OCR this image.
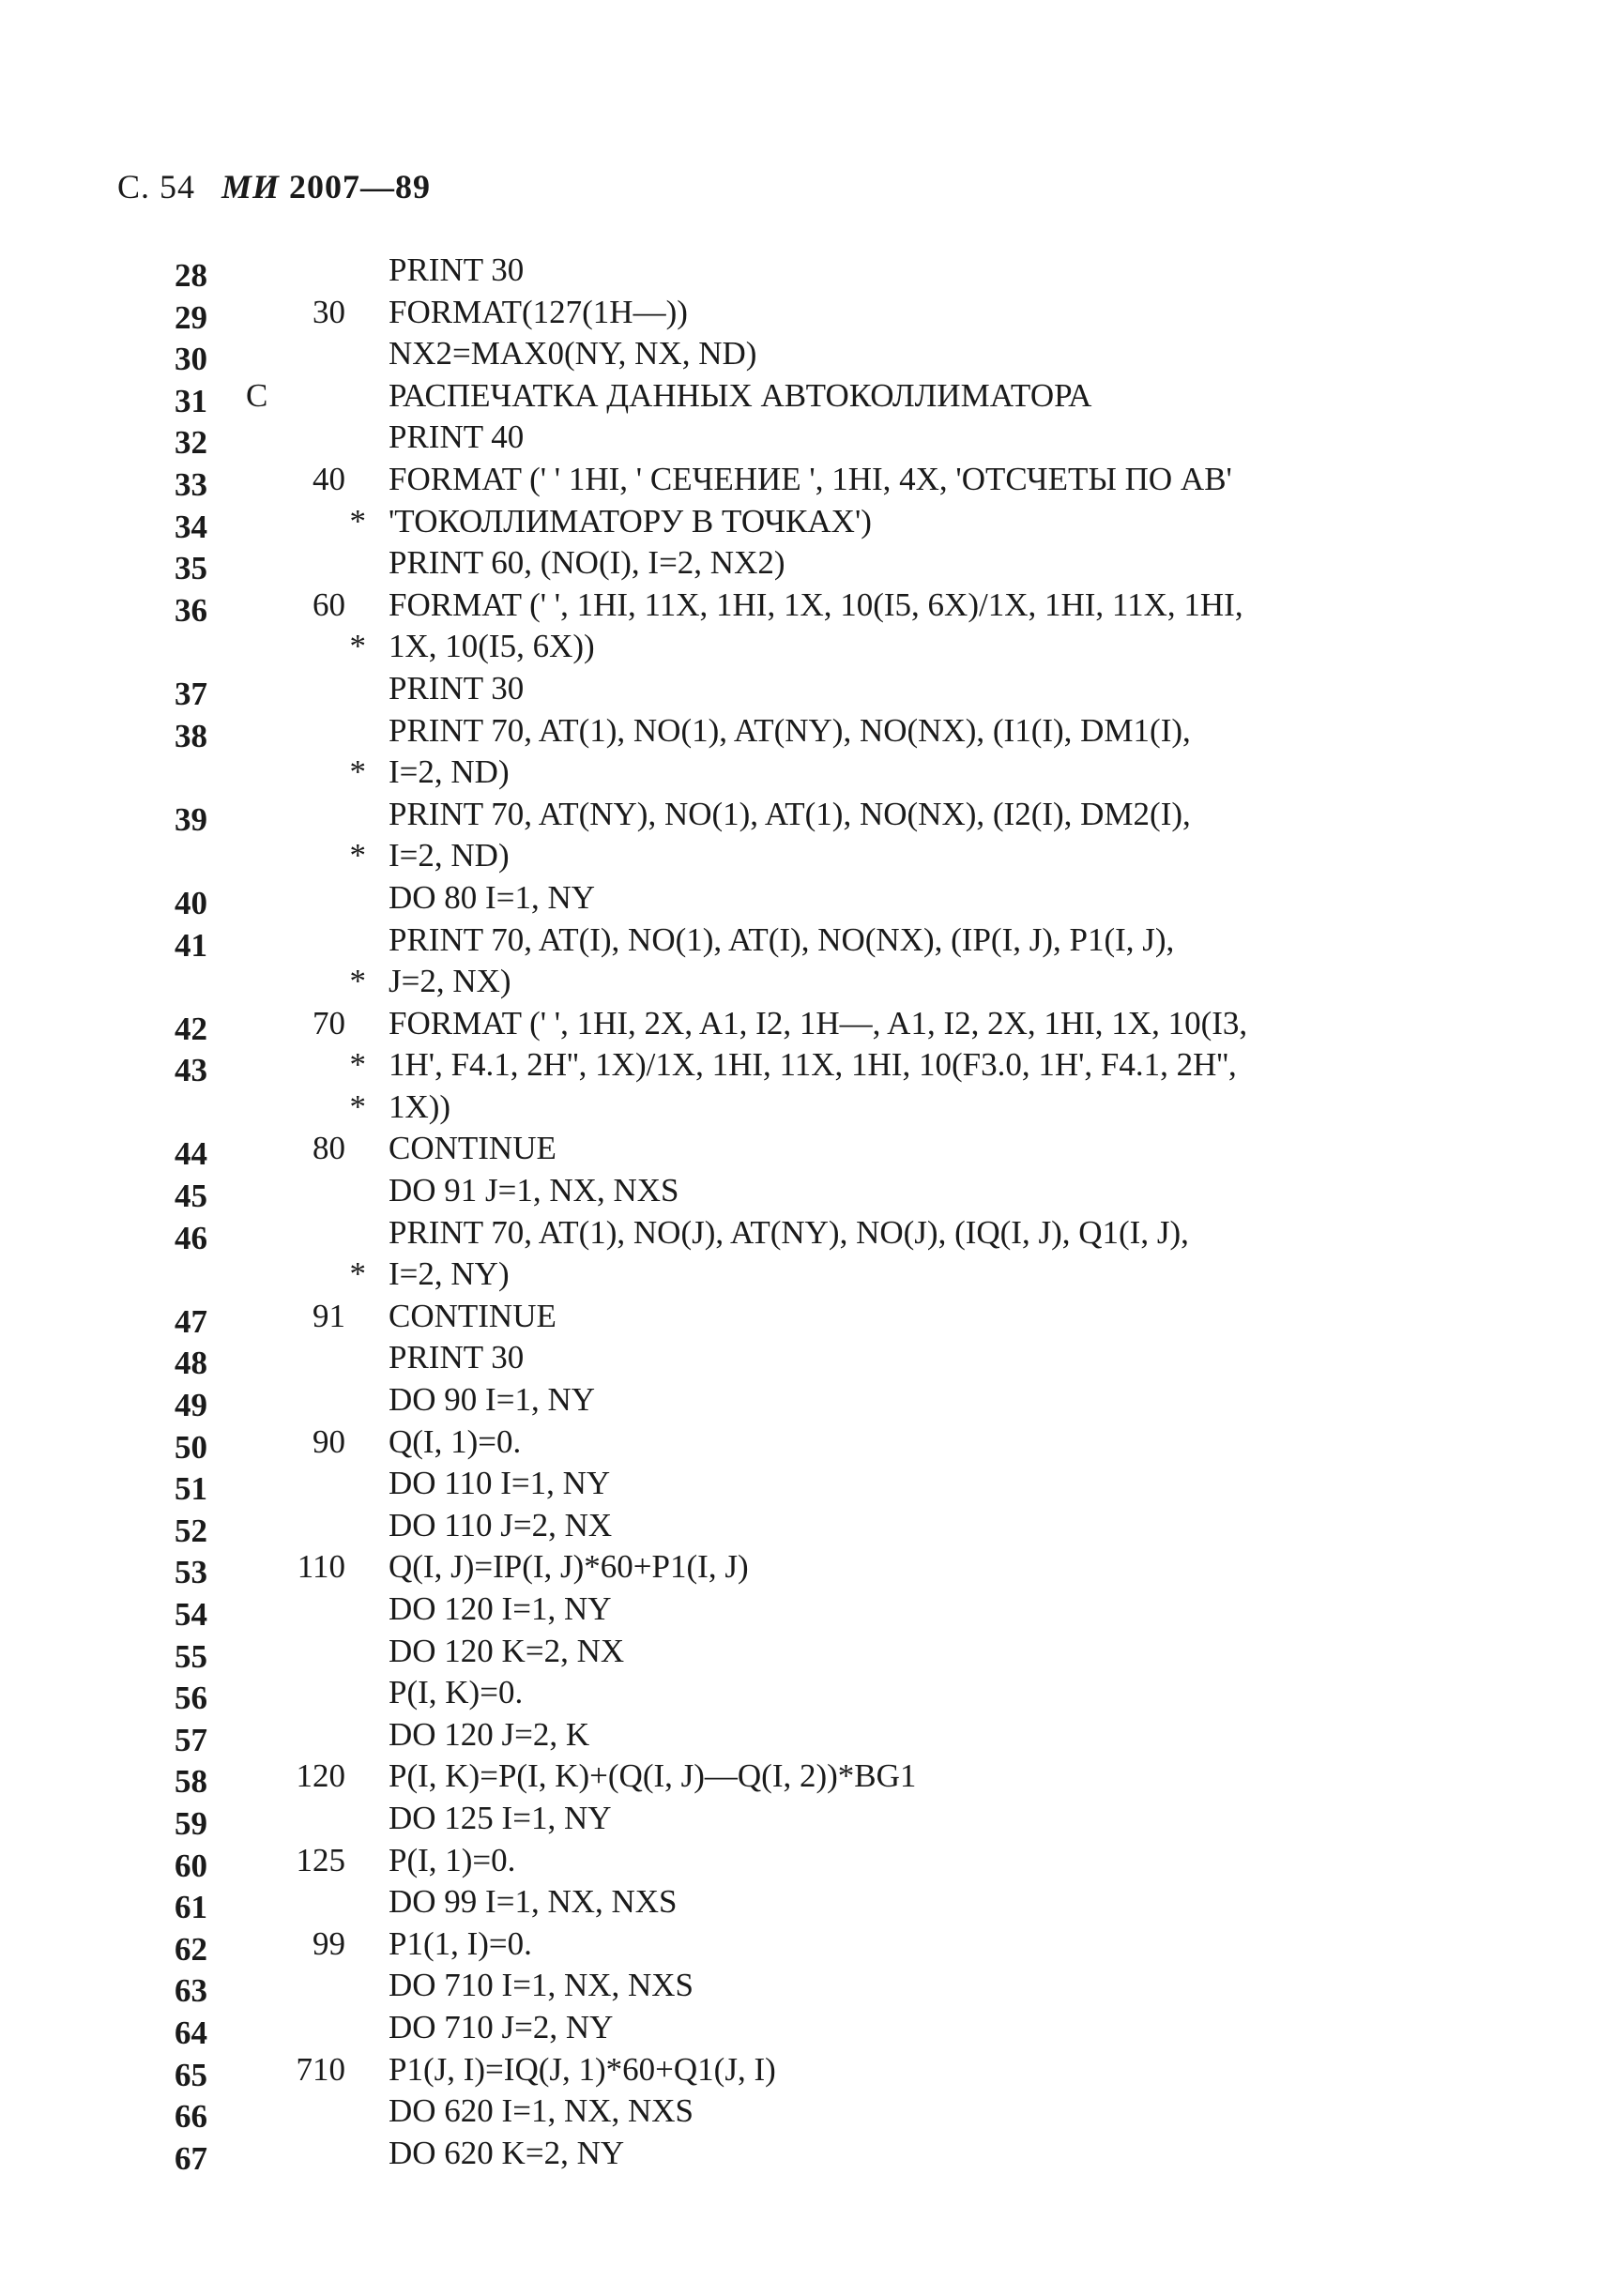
С. 54 МИ 2007—89
28	PRINT 30
29	30 FORMAT(127(1H—))
30	NX2=MAX0(NY, NX, ND)
31	C	РАСПЕЧАТКА ДАННЫХ АВТОКОЛЛИМАТОРА
32	PRINT 40
33	40 FORMAT (' ' 1HI, ' СЕЧЕНИЕ ', 1HI, 4X, 'ОТСЧЕТЫ ПО АВ'
34	* 'ТОКОЛЛИМАТОРУ В ТОЧКАХ')
35	PRINT 60, (NO(I), I=2, NX2)
36	60 FORMAT (' ', 1HI, 11X, 1HI, 1X, 10(I5, 6X)/1X, 1HI, 11X, 1HI,
* 1X, 10(I5, 6X))
37	PRINT 30
38	PRINT 70, AT(1), NO(1), AT(NY), NO(NX), (I1(I), DM1(I),
* I=2, ND)
39	PRINT 70, AT(NY), NO(1), AT(1), NO(NX), (I2(I), DM2(I),
* I=2, ND)
40	DO 80 I=1, NY
41	PRINT 70, AT(I), NO(1), AT(I), NO(NX), (IP(I, J), P1(I, J),
* J=2, NX)
42	70 FORMAT (' ', 1HI, 2X, A1, I2, 1H—, A1, I2, 2X, 1HI, 1X, 10(I3,
43	* 1H', F4.1, 2H'', 1X)/1X, 1HI, 11X, 1HI, 10(F3.0, 1H', F4.1, 2H'',
* 1X))
44	80 CONTINUE
45	DO 91 J=1, NX, NXS
46	PRINT 70, AT(1), NO(J), AT(NY), NO(J), (IQ(I, J), Q1(I, J),
* I=2, NY)
47	91 CONTINUE
48	PRINT 30
49	DO 90 I=1, NY
50	90 Q(I, 1)=0.
51	DO 110 I=1, NY
52	DO 110 J=2, NX
53	110 Q(I, J)=IP(I, J)*60+P1(I, J)
54	DO 120 I=1, NY
55	DO 120 K=2, NX
56	P(I, K)=0.
57	DO 120 J=2, K
58	120 P(I, K)=P(I, K)+(Q(I, J)—Q(I, 2))*BG1
59	DO 125 I=1, NY
60	125 P(I, 1)=0.
61	DO 99 I=1, NX, NXS
62	99 P1(1, I)=0.
63	DO 710 I=1, NX, NXS
64	DO 710 J=2, NY
65	710 P1(J, I)=IQ(J, 1)*60+Q1(J, I)
66	DO 620 I=1, NX, NXS
67	DO 620 K=2, NY
